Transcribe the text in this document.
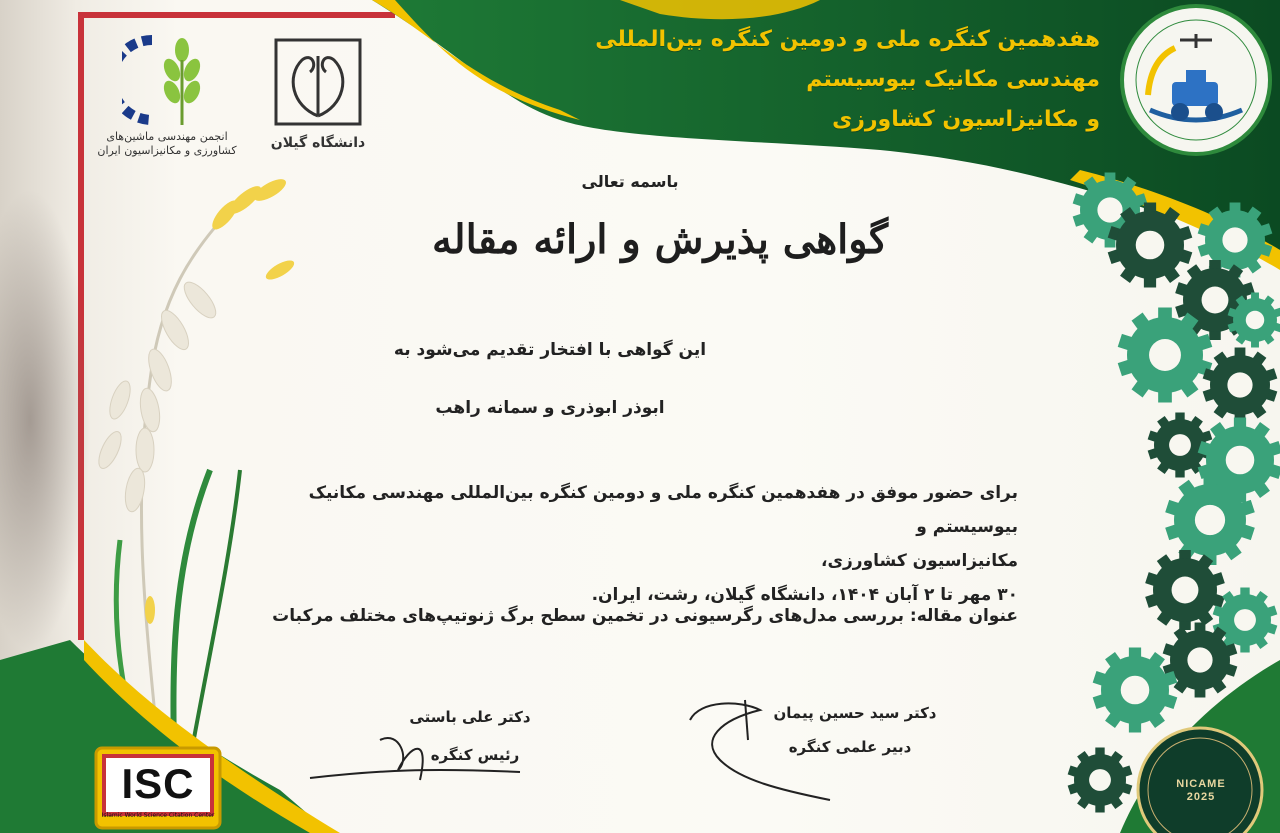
هفدهمین کنگره ملی و دومین کنگره بین‌المللی
مهندسی مکانیک بیوسیستم
و مکانیزاسیون کشاورزی
انجمن مهندسی ماشین‌های
کشاورزی و مکانیزاسیون ایران	دانشگاه گیلان
باسمه تعالی
گواهی پذیرش و ارائه مقاله
این گواهی با افتخار تقدیم می‌شود به
ابوذر ابوذری و سمانه راهب
برای حضور موفق در هفدهمین کنگره ملی و دومین کنگره بین‌المللی مهندسی مکانیک بیوسیستم و
مکانیزاسیون کشاورزی،
۳۰ مهر تا ۲ آبان ۱۴۰۴، دانشگاه گیلان، رشت، ایران.
عنوان مقاله: بررسی مدل‌های رگرسیونی در تخمین سطح برگ ژنوتیپ‌های مختلف مرکبات
دکتر علی باستی
رئیس کنگره
دکتر سید حسین پیمان
دبیر علمی کنگره
ISC
Islamic World Science Citation Center
NICAME
2025
